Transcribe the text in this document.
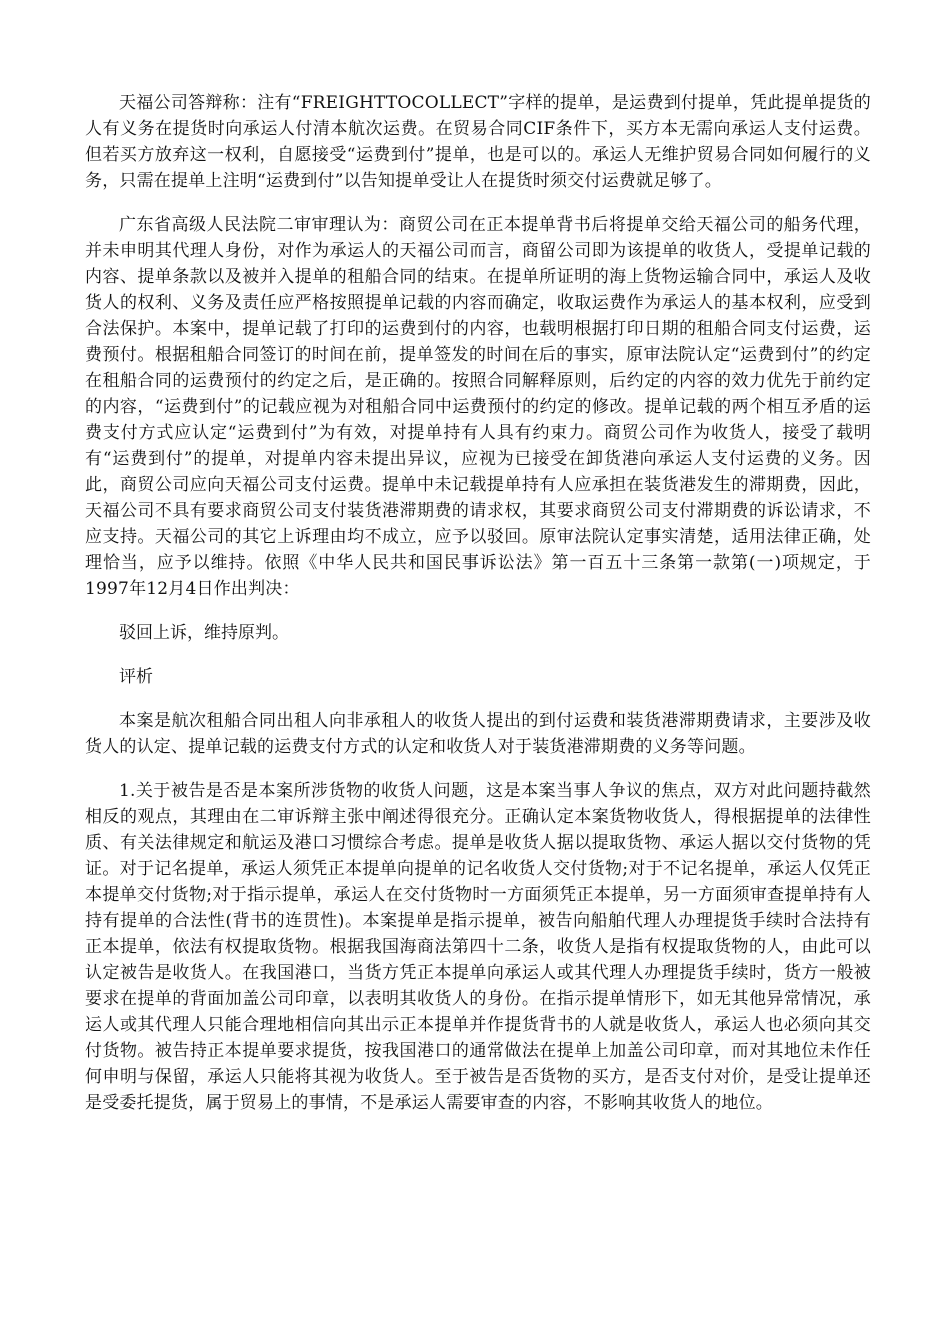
天福公司答辩称：注有“FREIGHTTOCOLLECT”字样的提单，是运费到付提单，凭此提单提货的人有义务在提货时向承运人付清本航次运费。在贸易合同CIF条件下，买方本无需向承运人支付运费。但若买方放弃这一权利，自愿接受“运费到付”提单，也是可以的。承运人无维护贸易合同如何履行的义务，只需在提单上注明“运费到付”以告知提单受让人在提货时须交付运费就足够了。

广东省高级人民法院二审审理认为：商贸公司在正本提单背书后将提单交给天福公司的船务代理，并未申明其代理人身份，对作为承运人的天福公司而言，商留公司即为该提单的收货人，受提单记载的内容、提单条款以及被并入提单的租船合同的结束。在提单所证明的海上货物运输合同中，承运人及收货人的权利、义务及责任应严格按照提单记载的内容而确定，收取运费作为承运人的基本权利，应受到合法保护。本案中，提单记载了打印的运费到付的内容，也载明根据打印日期的租船合同支付运费，运费预付。根据租船合同签订的时间在前，提单签发的时间在后的事实，原审法院认定“运费到付”的约定在租船合同的运费预付的约定之后，是正确的。按照合同解释原则，后约定的内容的效力优先于前约定的内容，“运费到付”的记载应视为对租船合同中运费预付的约定的修改。提单记载的两个相互矛盾的运费支付方式应认定“运费到付”为有效，对提单持有人具有约束力。商贸公司作为收货人，接受了载明有“运费到付”的提单，对提单内容未提出异议，应视为已接受在卸货港向承运人支付运费的义务。因此，商贸公司应向天福公司支付运费。提单中未记载提单持有人应承担在装货港发生的滞期费，因此，天福公司不具有要求商贸公司支付装货港滞期费的请求权，其要求商贸公司支付滞期费的诉讼请求，不应支持。天福公司的其它上诉理由均不成立，应予以驳回。原审法院认定事实清楚，适用法律正确，处理恰当，应予以维持。依照《中华人民共和国民事诉讼法》第一百五十三条第一款第(一)项规定，于1997年12月4日作出判决：

驳回上诉，维持原判。

评析

本案是航次租船合同出租人向非承租人的收货人提出的到付运费和装货港滞期费请求，主要涉及收货人的认定、提单记载的运费支付方式的认定和收货人对于装货港滞期费的义务等问题。

1.关于被告是否是本案所涉货物的收货人问题，这是本案当事人争议的焦点，双方对此问题持截然相反的观点，其理由在二审诉辩主张中阐述得很充分。正确认定本案货物收货人，得根据提单的法律性质、有关法律规定和航运及港口习惯综合考虑。提单是收货人据以提取货物、承运人据以交付货物的凭证。对于记名提单，承运人须凭正本提单向提单的记名收货人交付货物;对于不记名提单，承运人仅凭正本提单交付货物;对于指示提单，承运人在交付货物时一方面须凭正本提单，另一方面须审查提单持有人持有提单的合法性(背书的连贯性)。本案提单是指示提单，被告向船舶代理人办理提货手续时合法持有正本提单，依法有权提取货物。根据我国海商法第四十二条，收货人是指有权提取货物的人，由此可以认定被告是收货人。在我国港口，当货方凭正本提单向承运人或其代理人办理提货手续时，货方一般被要求在提单的背面加盖公司印章，以表明其收货人的身份。在指示提单情形下，如无其他异常情况，承运人或其代理人只能合理地相信向其出示正本提单并作提货背书的人就是收货人，承运人也必须向其交付货物。被告持正本提单要求提货，按我国港口的通常做法在提单上加盖公司印章，而对其地位未作任何申明与保留，承运人只能将其视为收货人。至于被告是否货物的买方，是否支付对价，是受让提单还是受委托提货，属于贸易上的事情，不是承运人需要审查的内容，不影响其收货人的地位。
